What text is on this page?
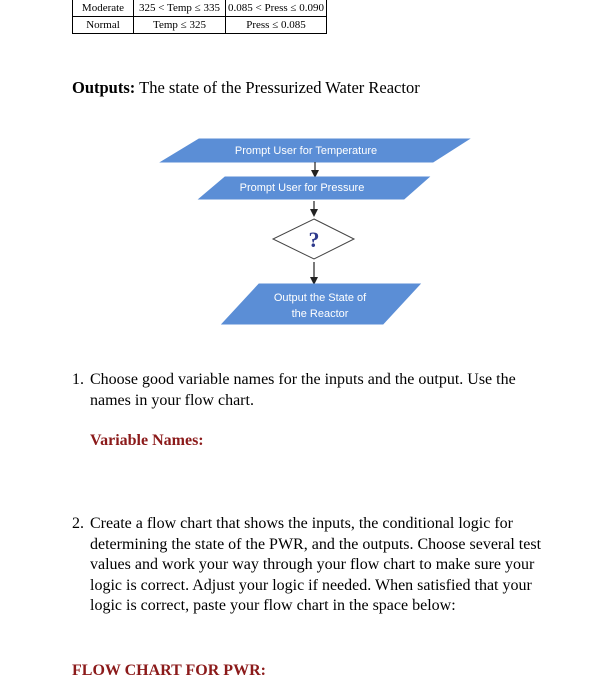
Moderate	325 < Temp ≤ 335	0.085 < Press ≤ 0.090
Normal	Temp ≤ 325	Press ≤ 0.085
Outputs: The state of the Pressurized Water Reactor
Prompt User for Temperature
Prompt User for Pressure
?
Output the State of
the Reactor
1. Choose good variable names for the inputs and the output. Use the names in your flow chart.
Variable Names:
2. Create a flow chart that shows the inputs, the conditional logic for determining the state of the PWR, and the outputs. Choose several test values and work your way through your flow chart to make sure your logic is correct. Adjust your logic if needed. When satisfied that your logic is correct, paste your flow chart in the space below:
FLOW CHART FOR PWR:
